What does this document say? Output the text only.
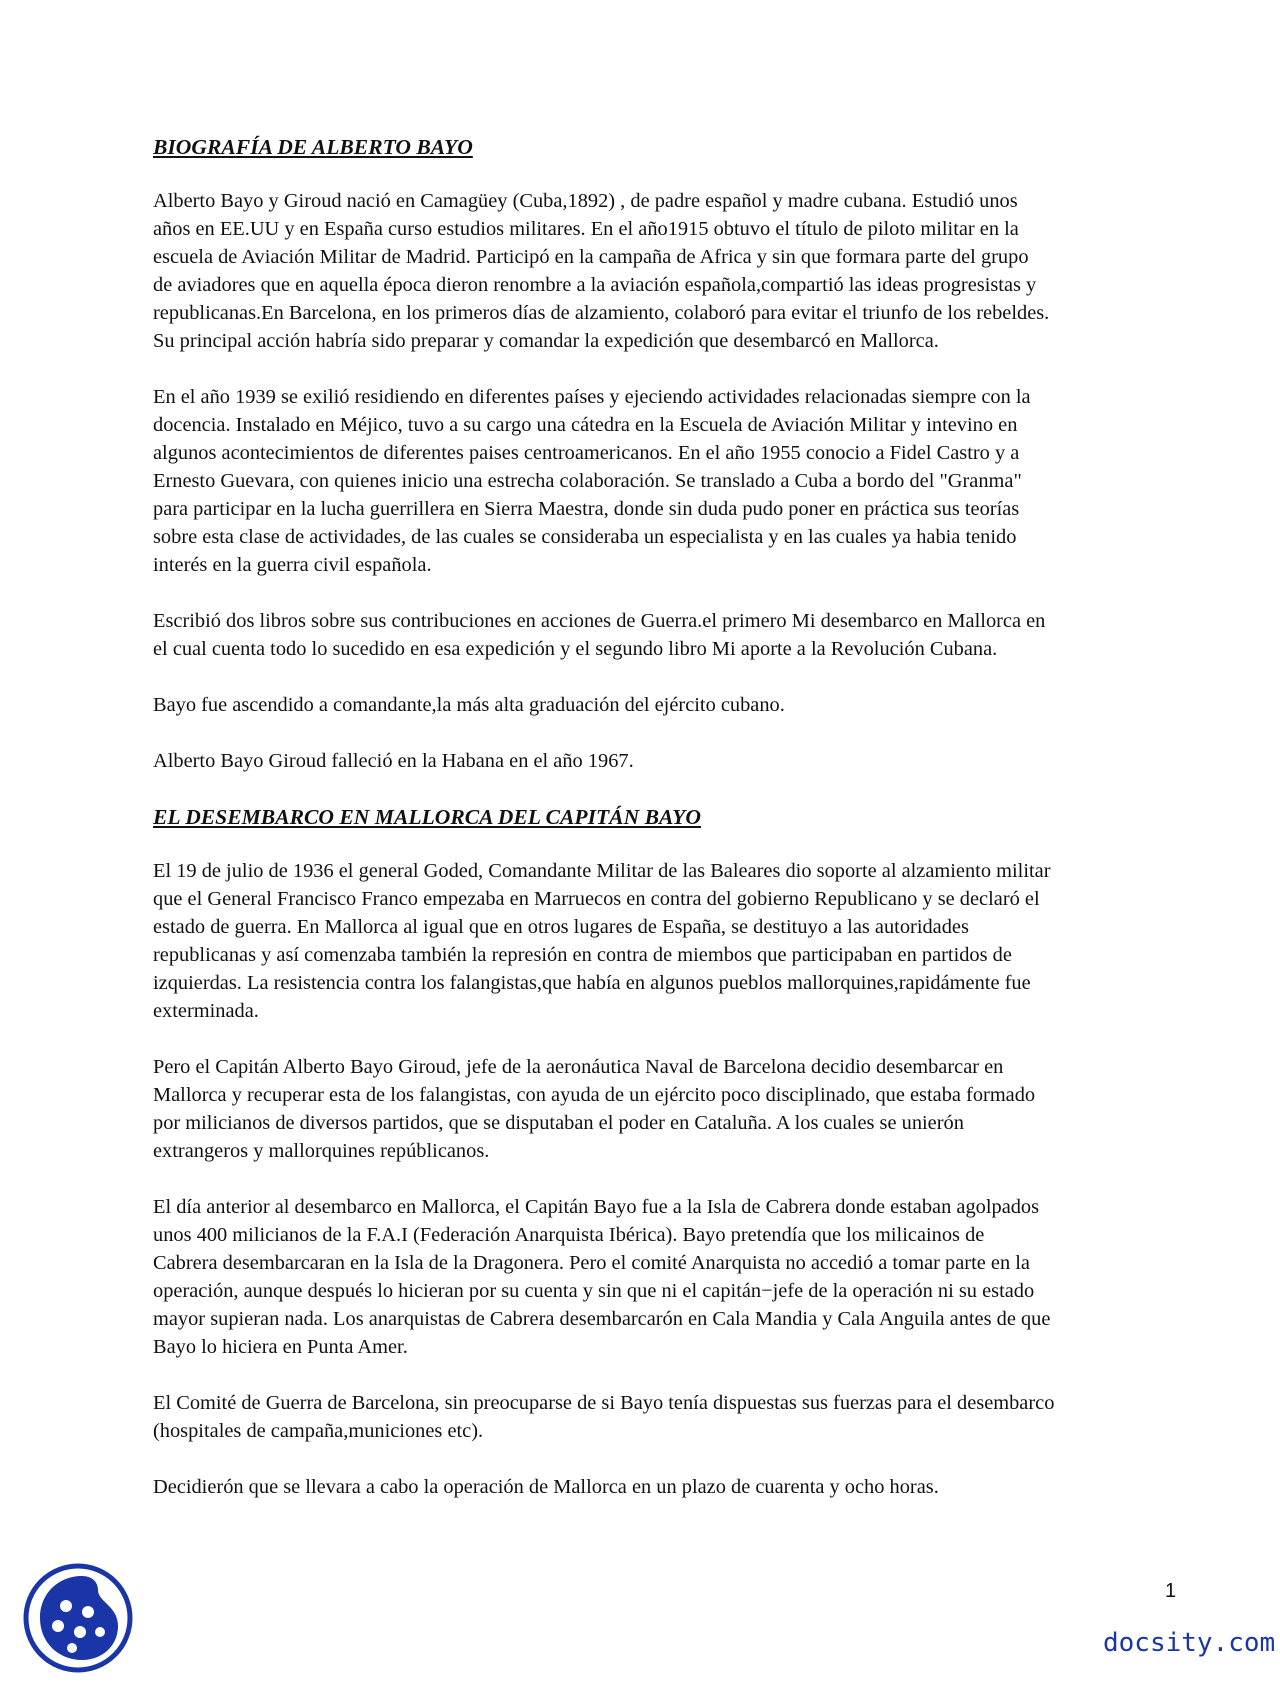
BIOGRAFÍA DE ALBERTO BAYO
Alberto Bayo y Giroud nació en Camagüey (Cuba,1892) , de padre español y madre cubana. Estudió unos
años en EE.UU y en España curso estudios militares. En el año1915 obtuvo el título de piloto militar en la
escuela de Aviación Militar de Madrid. Participó en la campaña de Africa y sin que formara parte del grupo
de aviadores que en aquella época dieron renombre a la aviación española,compartió las ideas progresistas y
republicanas.En Barcelona, en los primeros días de alzamiento, colaboró para evitar el triunfo de los rebeldes.
Su principal acción habría sido preparar y comandar la expedición que desembarcó en Mallorca.
En el año 1939 se exilió residiendo en diferentes países y ejeciendo actividades relacionadas siempre con la
docencia. Instalado en Méjico, tuvo a su cargo una cátedra en la Escuela de Aviación Militar y intevino en
algunos acontecimientos de diferentes paises centroamericanos. En el año 1955 conocio a Fidel Castro y a
Ernesto Guevara, con quienes inicio una estrecha colaboración. Se translado a Cuba a bordo del "Granma"
para participar en la lucha guerrillera en Sierra Maestra, donde sin duda pudo poner en práctica sus teorías
sobre esta clase de actividades, de las cuales se consideraba un especialista y en las cuales ya habia tenido
interés en la guerra civil española.
Escribió dos libros sobre sus contribuciones en acciones de Guerra.el primero Mi desembarco en Mallorca en
el cual cuenta todo lo sucedido en esa expedición y el segundo libro Mi aporte a la Revolución Cubana.
Bayo fue ascendido a comandante,la más alta graduación del ejército cubano.
Alberto Bayo Giroud falleció en la Habana en el año 1967.
EL DESEMBARCO EN MALLORCA DEL CAPITÁN BAYO
El 19 de julio de 1936 el general Goded, Comandante Militar de las Baleares dio soporte al alzamiento militar
que el General Francisco Franco empezaba en Marruecos en contra del gobierno Republicano y se declaró el
estado de guerra. En Mallorca al igual que en otros lugares de España, se destituyo a las autoridades
republicanas y así comenzaba también la represión en contra de miembos que participaban en partidos de
izquierdas. La resistencia contra los falangistas,que había en algunos pueblos mallorquines,rapidámente fue
exterminada.
Pero el Capitán Alberto Bayo Giroud, jefe de la aeronáutica Naval de Barcelona decidio desembarcar en
Mallorca y recuperar esta de los falangistas, con ayuda de un ejército poco disciplinado, que estaba formado
por milicianos de diversos partidos, que se disputaban el poder en Cataluña. A los cuales se unierón
extrangeros y mallorquines repúblicanos.
El día anterior al desembarco en Mallorca, el Capitán Bayo fue a la Isla de Cabrera donde estaban agolpados
unos 400 milicianos de la F.A.I (Federación Anarquista Ibérica). Bayo pretendía que los milicainos de
Cabrera desembarcaran en la Isla de la Dragonera. Pero el comité Anarquista no accedió a tomar parte en la
operación, aunque después lo hicieran por su cuenta y sin que ni el capitán−jefe de la operación ni su estado
mayor supieran nada. Los anarquistas de Cabrera desembarcarón en Cala Mandia y Cala Anguila antes de que
Bayo lo hiciera en Punta Amer.
El Comité de Guerra de Barcelona, sin preocuparse de si Bayo tenía dispuestas sus fuerzas para el desembarco
(hospitales de campaña,municiones etc).
Decidierón que se llevara a cabo la operación de Mallorca en un plazo de cuarenta y ocho horas.
1
docsity.com
